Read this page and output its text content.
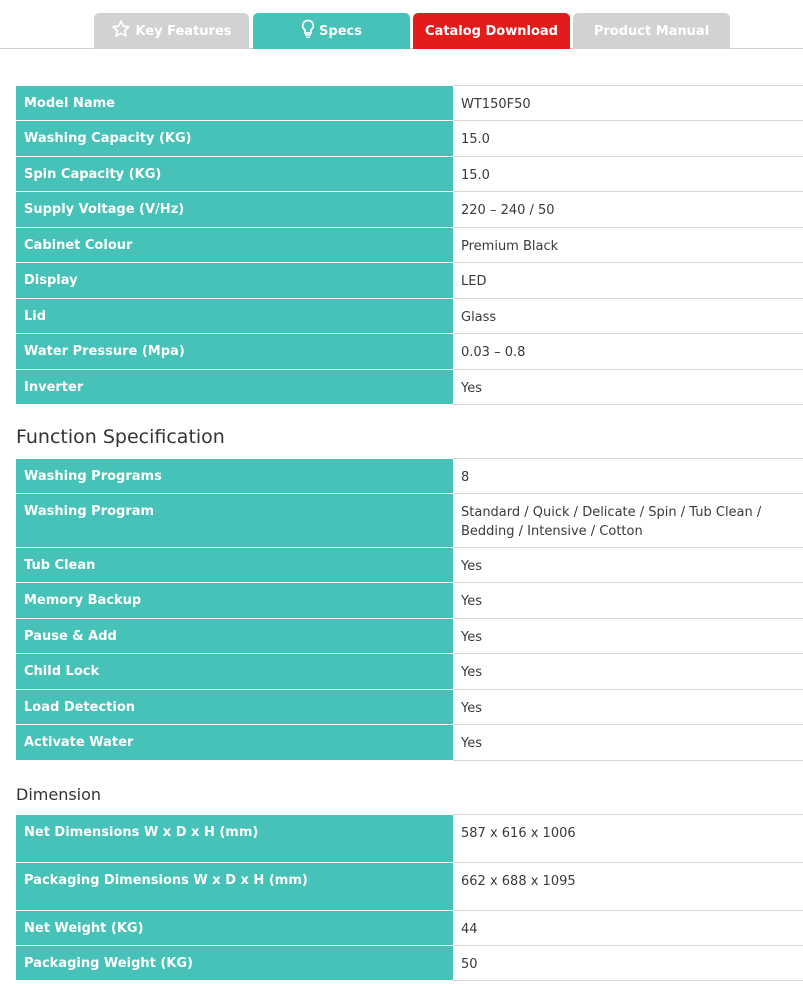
Key Features	Specs	Catalog Download	Product Manual
Model Name	WT150F50
Washing Capacity (KG)	15.0
Spin Capacity (KG)	15.0
Supply Voltage (V/Hz)	220 – 240 / 50
Cabinet Colour	Premium Black
Display	LED
Lid	Glass
Water Pressure (Mpa)	0.03 – 0.8
Inverter	Yes
Function Specification
Washing Programs	8
Washing Program	Standard / Quick / Delicate / Spin / Tub Clean / Bedding / Intensive / Cotton
Tub Clean	Yes
Memory Backup	Yes
Pause & Add	Yes
Child Lock	Yes
Load Detection	Yes
Activate Water	Yes
Dimension
Net Dimensions W x D x H (mm)	587 x 616 x 1006
Packaging Dimensions W x D x H (mm)	662 x 688 x 1095
Net Weight (KG)	44
Packaging Weight (KG)	50
